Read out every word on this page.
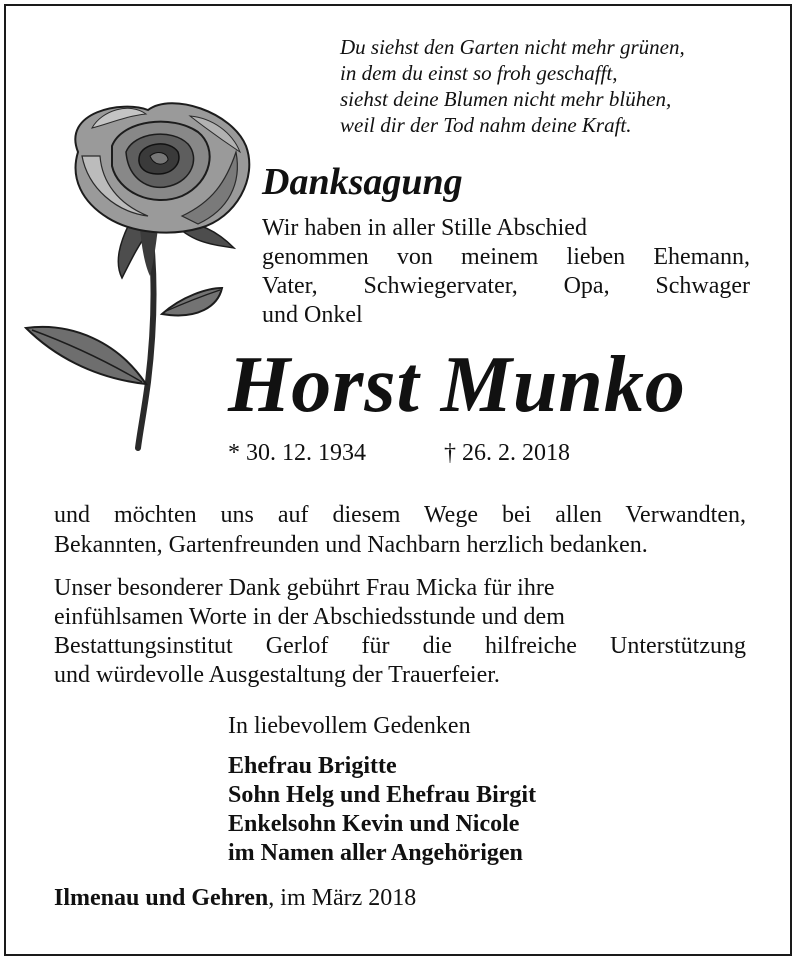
Du siehst den Garten nicht mehr grünen,
in dem du einst so froh geschafft,
siehst deine Blumen nicht mehr blühen,
weil dir der Tod nahm deine Kraft.
Danksagung
Wir haben in aller Stille Abschied
genommen von meinem lieben Ehemann,
Vater, Schwiegervater, Opa, Schwager
und Onkel
Horst Munko
* 30. 12. 1934	† 26. 2. 2018
und möchten uns auf diesem Wege bei allen Verwandten,
Bekannten, Gartenfreunden und Nachbarn herzlich bedanken.
Unser besonderer Dank gebührt Frau Micka für ihre
einfühlsamen Worte in der Abschiedsstunde und dem
Bestattungsinstitut Gerlof für die hilfreiche Unterstützung
und würdevolle Ausgestaltung der Trauerfeier.
In liebevollem Gedenken
Ehefrau Brigitte
Sohn Helg und Ehefrau Birgit
Enkelsohn Kevin und Nicole
im Namen aller Angehörigen
Ilmenau und Gehren, im März 2018
